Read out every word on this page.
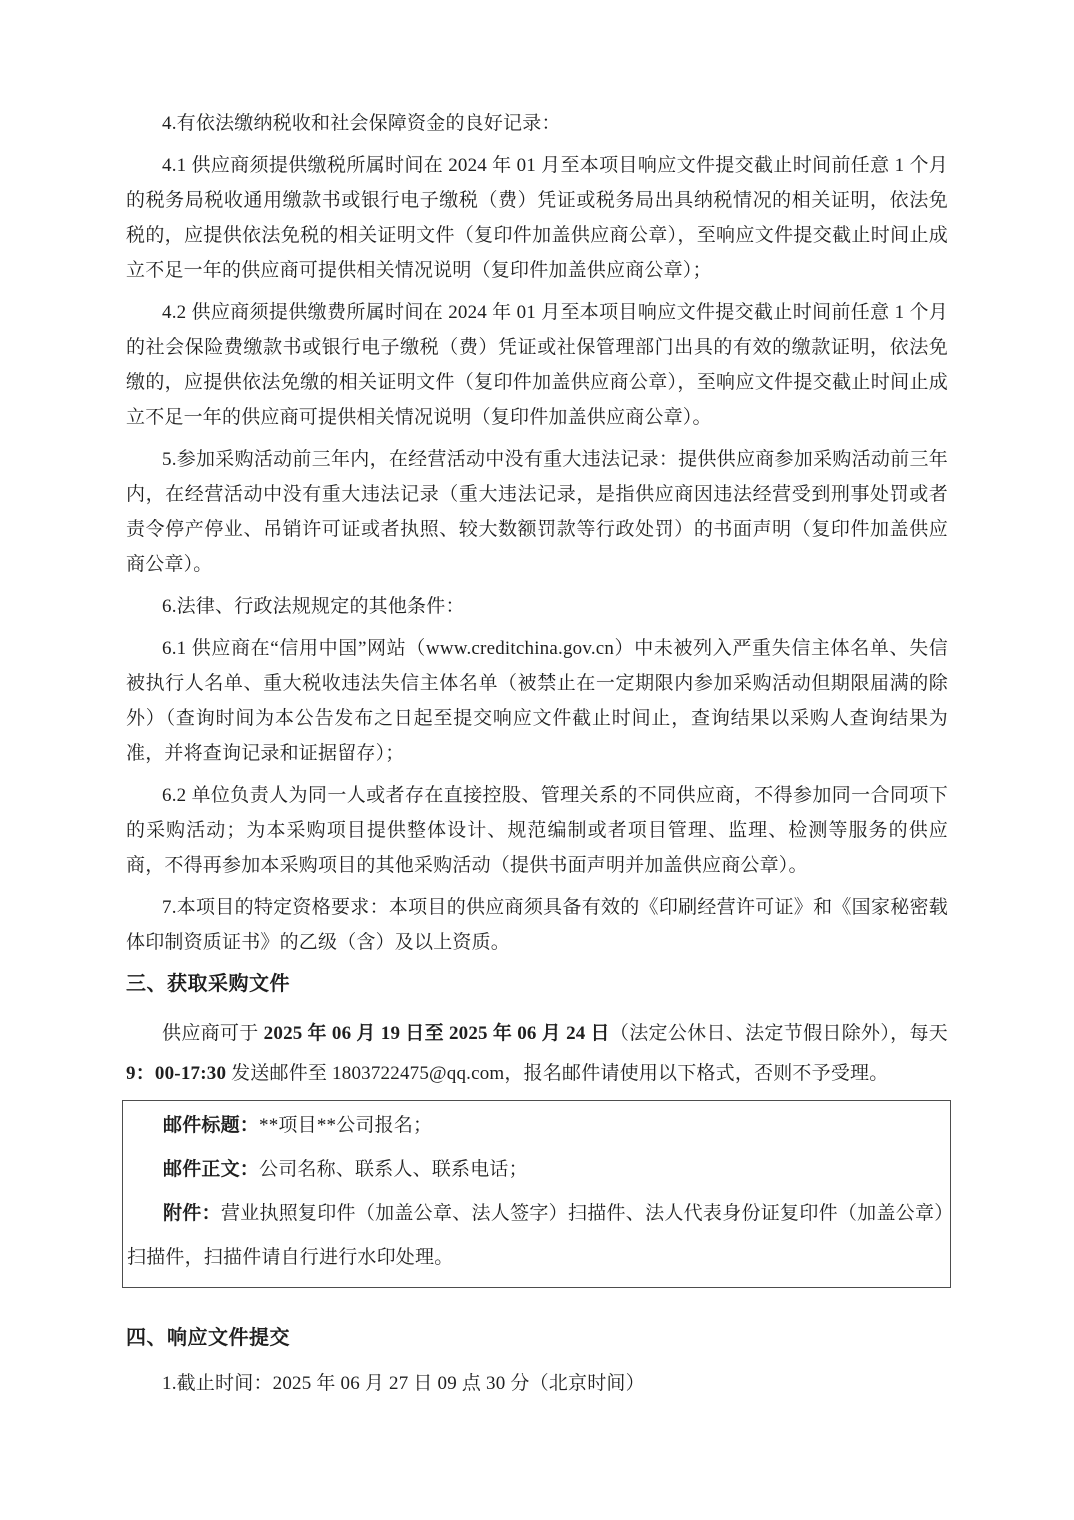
4.有依法缴纳税收和社会保障资金的良好记录：

4.1 供应商须提供缴税所属时间在 2024 年 01 月至本项目响应文件提交截止时间前任意 1 个月的税务局税收通用缴款书或银行电子缴税（费）凭证或税务局出具纳税情况的相关证明，依法免税的，应提供依法免税的相关证明文件（复印件加盖供应商公章），至响应文件提交截止时间止成立不足一年的供应商可提供相关情况说明（复印件加盖供应商公章）；

4.2 供应商须提供缴费所属时间在 2024 年 01 月至本项目响应文件提交截止时间前任意 1 个月的社会保险费缴款书或银行电子缴税（费）凭证或社保管理部门出具的有效的缴款证明，依法免缴的，应提供依法免缴的相关证明文件（复印件加盖供应商公章），至响应文件提交截止时间止成立不足一年的供应商可提供相关情况说明（复印件加盖供应商公章）。

5.参加采购活动前三年内，在经营活动中没有重大违法记录：提供供应商参加采购活动前三年内，在经营活动中没有重大违法记录（重大违法记录，是指供应商因违法经营受到刑事处罚或者责令停产停业、吊销许可证或者执照、较大数额罚款等行政处罚）的书面声明（复印件加盖供应商公章）。

6.法律、行政法规规定的其他条件：

6.1 供应商在“信用中国”网站（www.creditchina.gov.cn）中未被列入严重失信主体名单、失信被执行人名单、重大税收违法失信主体名单（被禁止在一定期限内参加采购活动但期限届满的除外）（查询时间为本公告发布之日起至提交响应文件截止时间止，查询结果以采购人查询结果为准，并将查询记录和证据留存）；

6.2 单位负责人为同一人或者存在直接控股、管理关系的不同供应商，不得参加同一合同项下的采购活动；为本采购项目提供整体设计、规范编制或者项目管理、监理、检测等服务的供应商，不得再参加本采购项目的其他采购活动（提供书面声明并加盖供应商公章）。

7.本项目的特定资格要求：本项目的供应商须具备有效的《印刷经营许可证》和《国家秘密载体印制资质证书》的乙级（含）及以上资质。

三、获取采购文件

供应商可于 2025 年 06 月 19 日至 2025 年 06 月 24 日（法定公休日、法定节假日除外），每天 9：00-17:30 发送邮件至 1803722475@qq.com，报名邮件请使用以下格式，否则不予受理。

邮件标题：**项目**公司报名；

邮件正文：公司名称、联系人、联系电话；

附件：营业执照复印件（加盖公章、法人签字）扫描件、法人代表身份证复印件（加盖公章）扫描件，扫描件请自行进行水印处理。

四、响应文件提交

1.截止时间：2025 年 06 月 27 日 09 点 30 分（北京时间）
